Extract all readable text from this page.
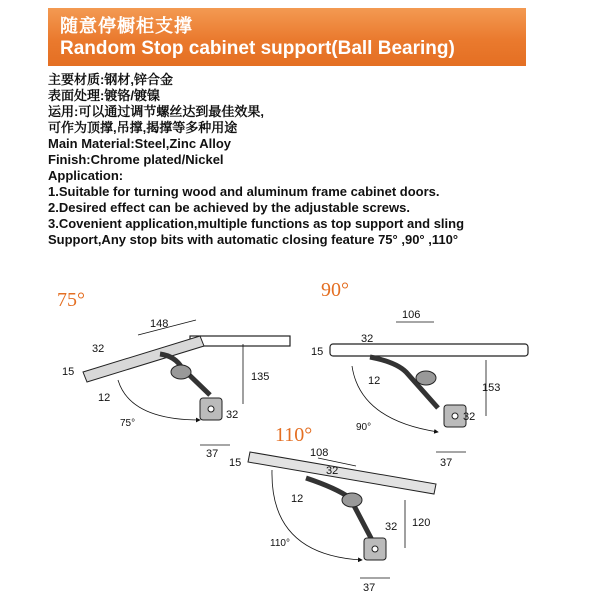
随意停橱柜支撑
Random Stop cabinet support(Ball Bearing)
主要材质:钢材,锌合金
表面处理:镀铬/镀镍
运用:可以通过调节螺丝达到最佳效果,
可作为顶撑,吊撑,揭撑等多种用途
Main Material:Steel,Zinc Alloy
Finish:Chrome plated/Nickel
Application:
1.Suitable for turning wood and aluminum frame cabinet doors.
2.Desired effect can be achieved by the adjustable screws.
3.Covenient application,multiple functions as top support and sling
Support,Any stop bits with automatic closing feature 75° ,90° ,110°
75°
148
32
15
12
135
32
37
75°
90°
106
32
15
12
153
32
37
90°
110°
108
32
15
12
120
32
37
110°
